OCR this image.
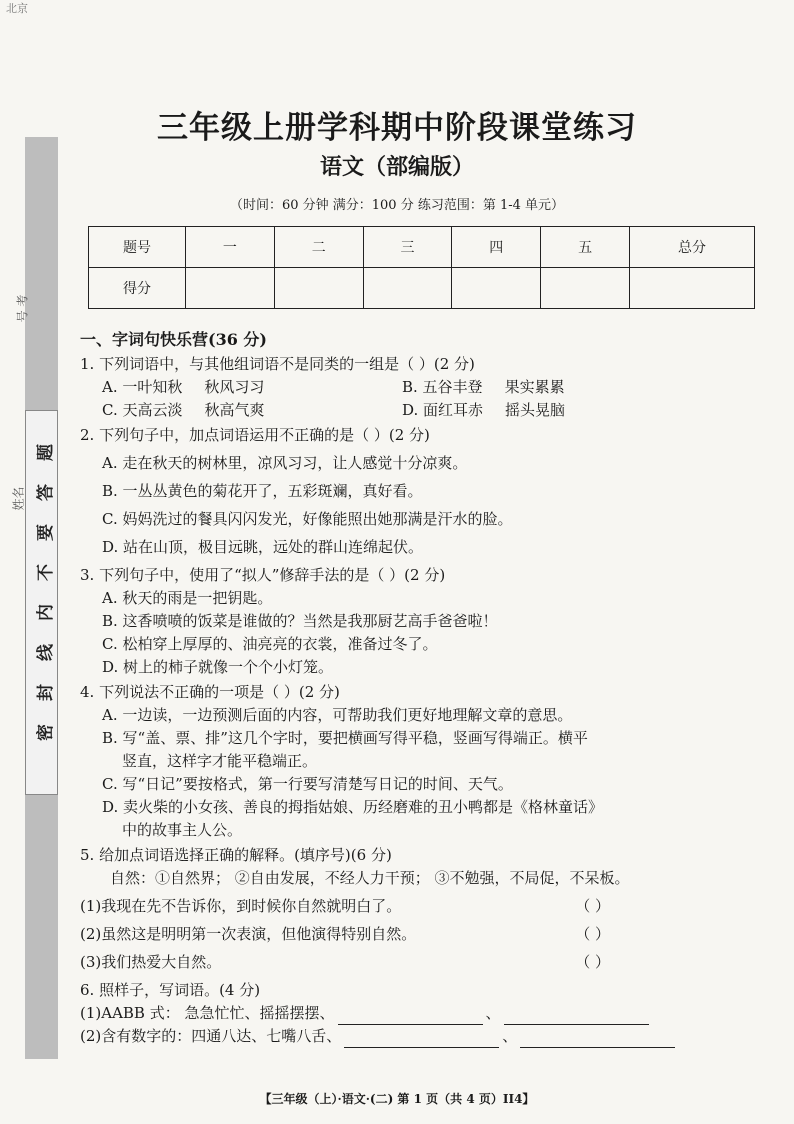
北京
号 考
姓名
题
答
要
不
内
线
封
密
三年级上册学科期中阶段课堂练习
语文（部编版）
（时间：60 分钟 满分：100 分 练习范围：第 1-4 单元）
题号	一	二	三	四	五	总分
得分						
一、字词句快乐营(36 分)
1. 下列词语中，与其他组词语不是同类的一组是（ ）(2 分)
A. 一叶知秋 秋风习习	B. 五谷丰登 果实累累
C. 天高云淡 秋高气爽	D. 面红耳赤 摇头晃脑
2. 下列句子中，加点词语运用不正确的是（ ）(2 分)
A. 走在秋天的树林里，凉风习习，让人感觉十分凉爽。
B. 一丛丛黄色的菊花开了，五彩斑斓，真好看。
C. 妈妈洗过的餐具闪闪发光，好像能照出她那满是汗水的脸。
D. 站在山顶，极目远眺，远处的群山连绵起伏。
3. 下列句子中，使用了“拟人”修辞手法的是（ ）(2 分)
A. 秋天的雨是一把钥匙。
B. 这香喷喷的饭菜是谁做的？当然是我那厨艺高手爸爸啦！
C. 松柏穿上厚厚的、油亮亮的衣裳，准备过冬了。
D. 树上的柿子就像一个个小灯笼。
4. 下列说法不正确的一项是（ ）(2 分)
A. 一边读，一边预测后面的内容，可帮助我们更好地理解文章的意思。
B. 写“盖、票、排”这几个字时，要把横画写得平稳，竖画写得端正。横平
竖直，这样字才能平稳端正。
C. 写“日记”要按格式，第一行要写清楚写日记的时间、天气。
D. 卖火柴的小女孩、善良的拇指姑娘、历经磨难的丑小鸭都是《格林童话》
中的故事主人公。
5. 给加点词语选择正确的解释。(填序号)(6 分)
自然：①自然界； ②自由发展，不经人力干预； ③不勉强，不局促，不呆板。
(1)我现在先不告诉你，到时候你自然就明白了。	（ ）
(2)虽然这是明明第一次表演，但他演得特别自然。	（ ）
(3)我们热爱大自然。	（ ）
6. 照样子，写词语。(4 分)
(1)AABB 式： 急急忙忙、摇摇摆摆、	、
(2)含有数字的：四通八达、七嘴八舌、	、
【三年级（上）·语文·(二) 第 1 页（共 4 页）II4】
